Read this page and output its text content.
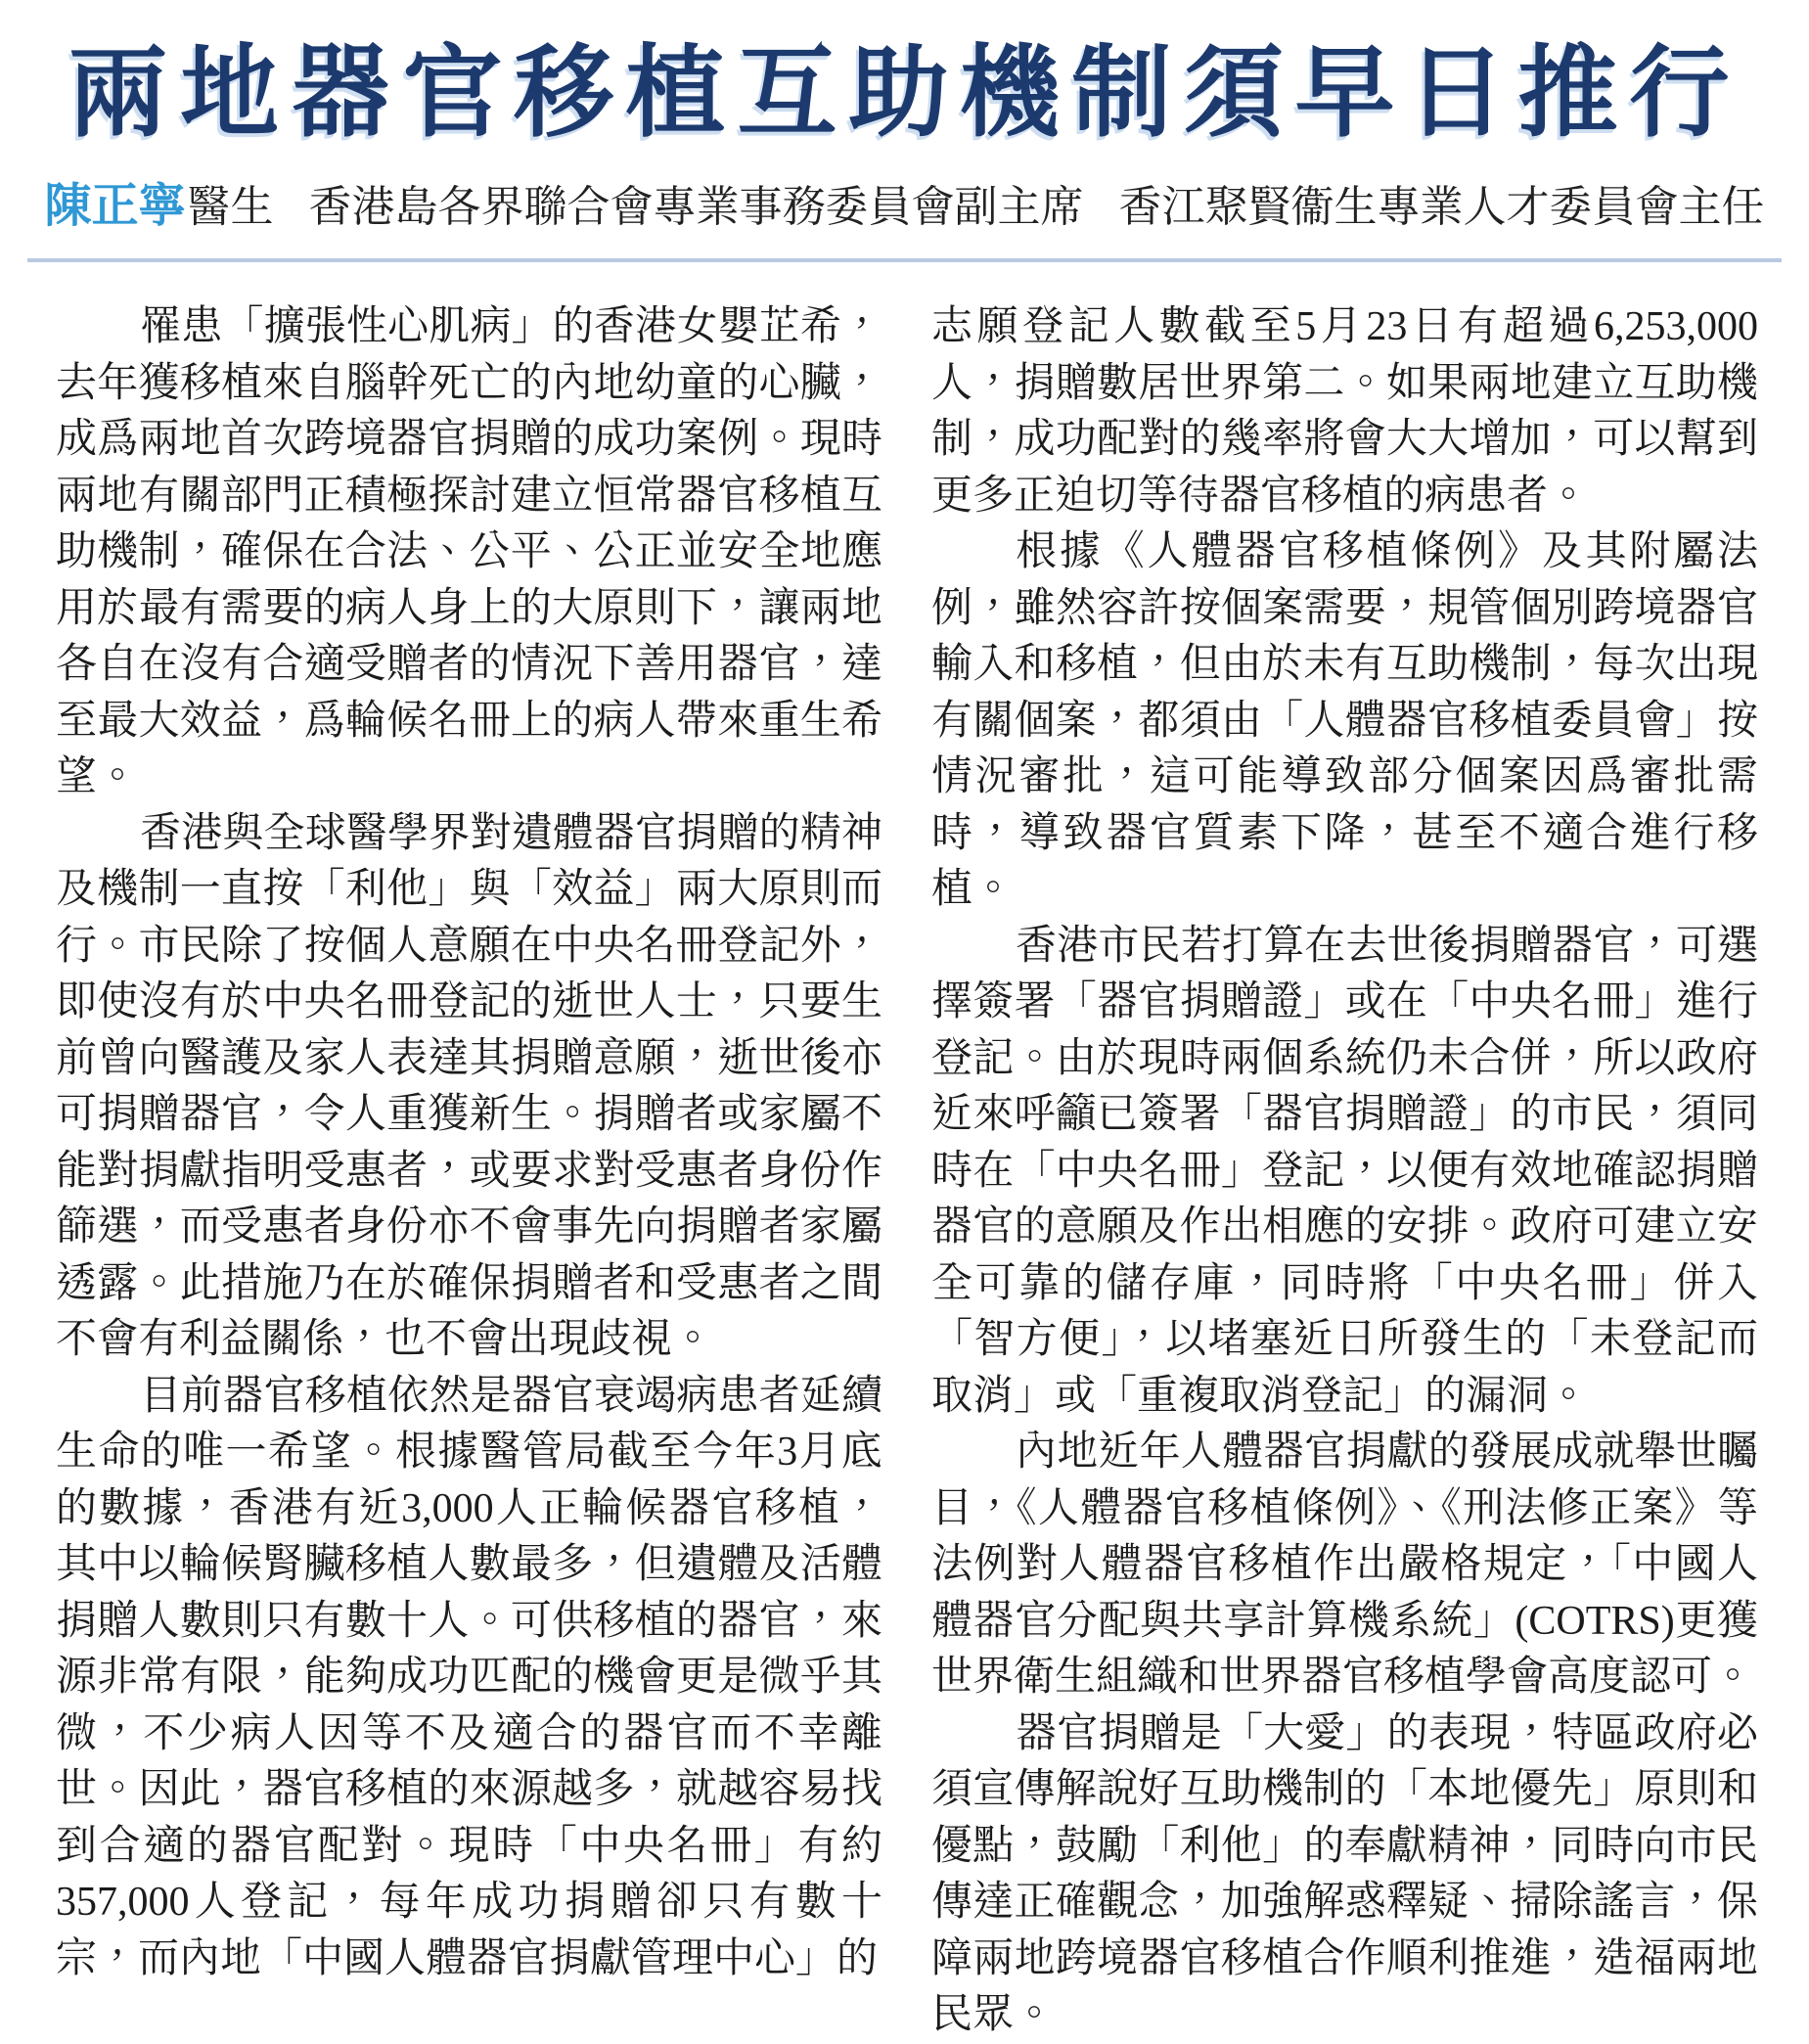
兩地器官移植互助機制須早日推行
陳正寧 醫生 香港島各界聯合會專業事務委員會副主席 香江聚賢衞生專業人才委員會主任

罹患「擴張性心肌病」的香港女嬰芷希，去年獲移植來自腦幹死亡的內地幼童的心臟，成爲兩地首次跨境器官捐贈的成功案例。現時兩地有關部門正積極探討建立恒常器官移植互助機制，確保在合法、公平、公正並安全地應用於最有需要的病人身上的大原則下，讓兩地各自在沒有合適受贈者的情況下善用器官，達至最大效益，爲輪候名冊上的病人帶來重生希望。

香港與全球醫學界對遺體器官捐贈的精神及機制一直按「利他」與「效益」兩大原則而行。市民除了按個人意願在中央名冊登記外，即使沒有於中央名冊登記的逝世人士，只要生前曾向醫護及家人表達其捐贈意願，逝世後亦可捐贈器官，令人重獲新生。捐贈者或家屬不能對捐獻指明受惠者，或要求對受惠者身份作篩選，而受惠者身份亦不會事先向捐贈者家屬透露。此措施乃在於確保捐贈者和受惠者之間不會有利益關係，也不會出現歧視。

目前器官移植依然是器官衰竭病患者延續生命的唯一希望。根據醫管局截至今年3月底的數據，香港有近3,000人正輪候器官移植，其中以輪候腎臟移植人數最多，但遺體及活體捐贈人數則只有數十人。可供移植的器官，來源非常有限，能夠成功匹配的機會更是微乎其微，不少病人因等不及適合的器官而不幸離世。因此，器官移植的來源越多，就越容易找到合適的器官配對。現時「中央名冊」有約357,000人登記，每年成功捐贈卻只有數十宗，而內地「中國人體器官捐獻管理中心」的

志願登記人數截至5月23日有超過6,253,000人，捐贈數居世界第二。如果兩地建立互助機制，成功配對的幾率將會大大增加，可以幫到更多正迫切等待器官移植的病患者。

根據《人體器官移植條例》及其附屬法例，雖然容許按個案需要，規管個別跨境器官輸入和移植，但由於未有互助機制，每次出現有關個案，都須由「人體器官移植委員會」按情況審批，這可能導致部分個案因爲審批需時，導致器官質素下降，甚至不適合進行移植。

香港市民若打算在去世後捐贈器官，可選擇簽署「器官捐贈證」或在「中央名冊」進行登記。由於現時兩個系統仍未合併，所以政府近來呼籲已簽署「器官捐贈證」的市民，須同時在「中央名冊」登記，以便有效地確認捐贈器官的意願及作出相應的安排。政府可建立安全可靠的儲存庫，同時將「中央名冊」併入「智方便」，以堵塞近日所發生的「未登記而取消」或「重複取消登記」的漏洞。

內地近年人體器官捐獻的發展成就舉世矚目，《人體器官移植條例》、《刑法修正案》等法例對人體器官移植作出嚴格規定，「中國人體器官分配與共享計算機系統」(COTRS)更獲世界衛生組織和世界器官移植學會高度認可。

器官捐贈是「大愛」的表現，特區政府必須宣傳解說好互助機制的「本地優先」原則和優點，鼓勵「利他」的奉獻精神，同時向市民傳達正確觀念，加強解惑釋疑、掃除謠言，保障兩地跨境器官移植合作順利推進，造福兩地民眾。
